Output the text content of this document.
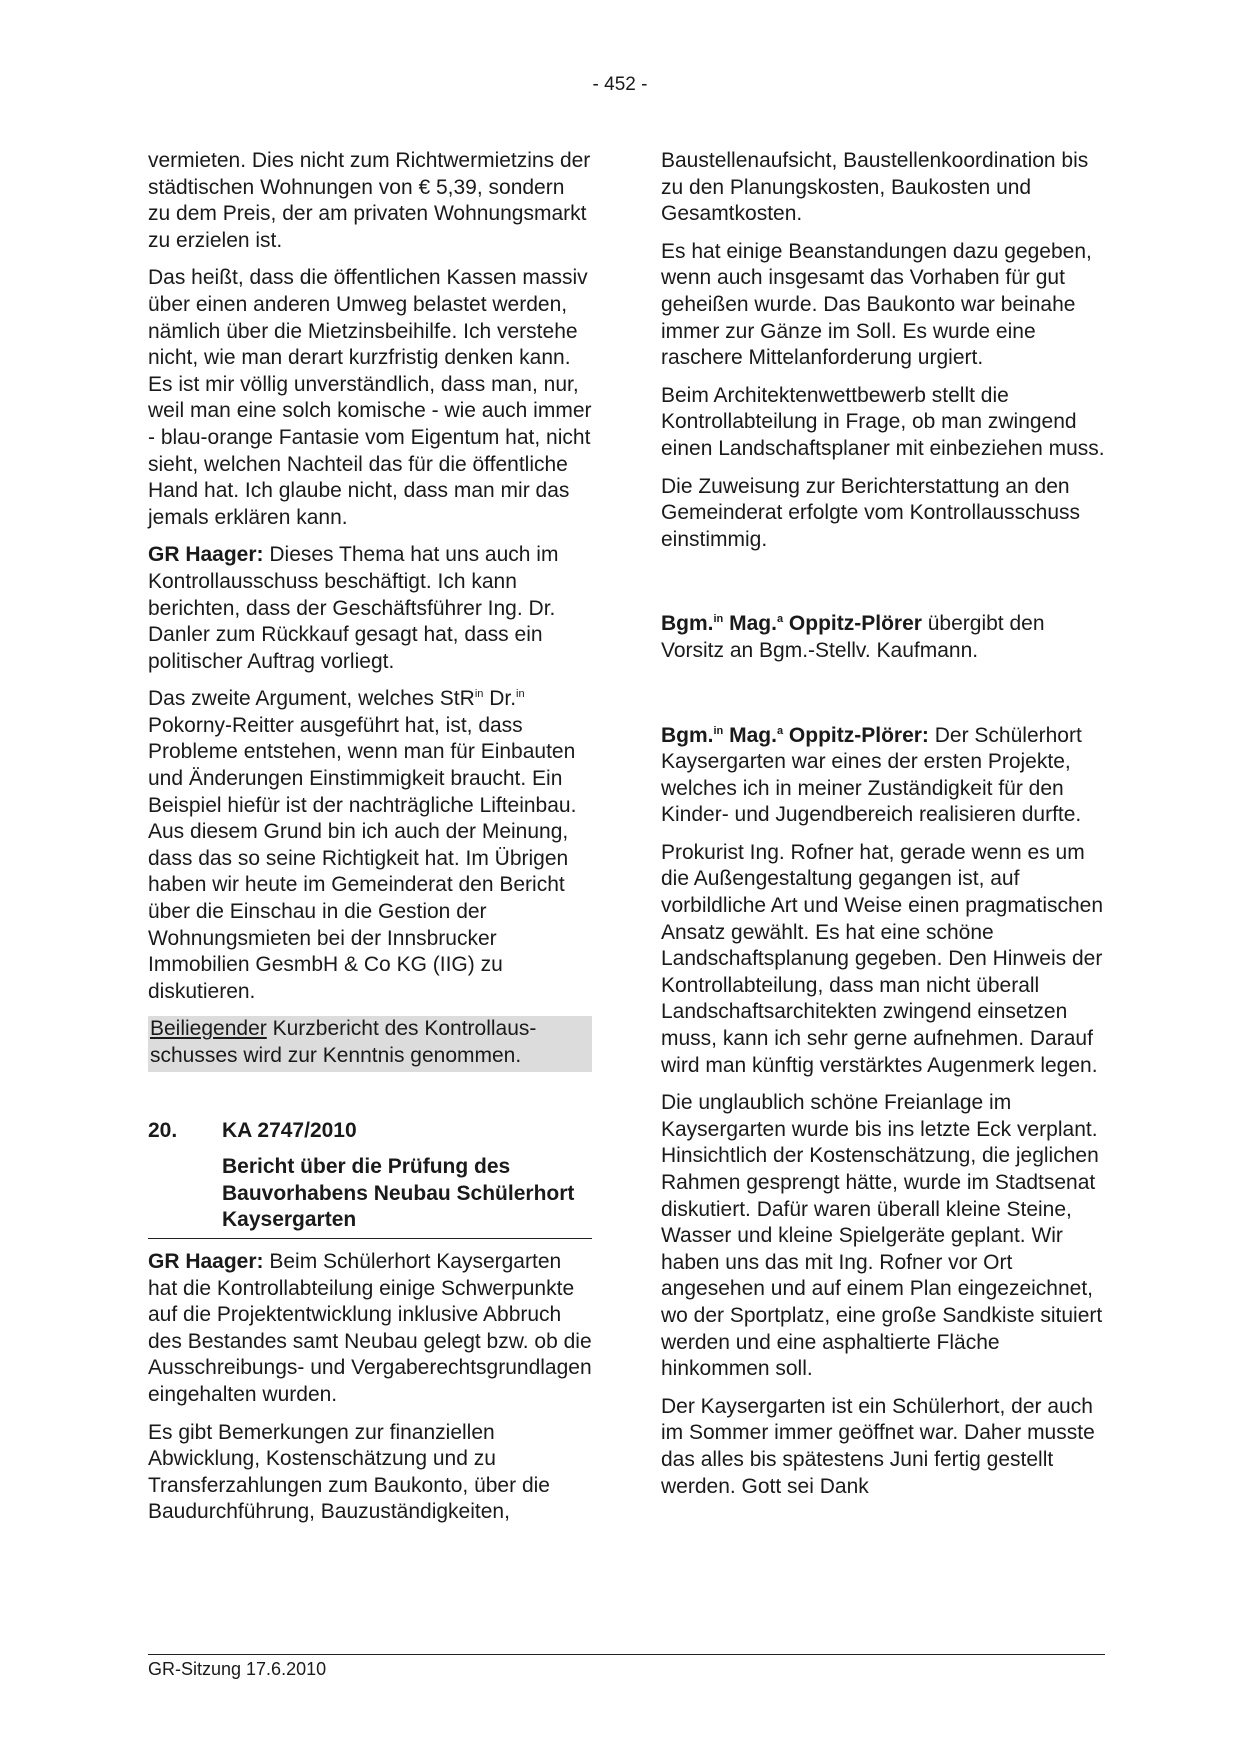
- 452 -

vermieten. Dies nicht zum Richtwermietzins der städtischen Wohnungen von € 5,39, sondern zu dem Preis, der am privaten Wohnungsmarkt zu erzielen ist.

Das heißt, dass die öffentlichen Kassen massiv über einen anderen Umweg belastet werden, nämlich über die Mietzinsbeihilfe. Ich verstehe nicht, wie man derart kurzfristig denken kann. Es ist mir völlig unverständlich, dass man, nur, weil man eine solch komische - wie auch immer - blau-orange Fantasie vom Eigentum hat, nicht sieht, welchen Nachteil das für die öffentliche Hand hat. Ich glaube nicht, dass man mir das jemals erklären kann.

GR Haager: Dieses Thema hat uns auch im Kontrollausschuss beschäftigt. Ich kann berichten, dass der Geschäftsführer Ing. Dr. Danler zum Rückkauf gesagt hat, dass ein politischer Auftrag vorliegt.

Das zweite Argument, welches StR$^{in}$ Dr.$^{in}$ Pokorny-Reitter ausgeführt hat, ist, dass Probleme entstehen, wenn man für Einbauten und Änderungen Einstimmigkeit braucht. Ein Beispiel hiefür ist der nachträgliche Lifteinbau. Aus diesem Grund bin ich auch der Meinung, dass das so seine Richtigkeit hat. Im Übrigen haben wir heute im Gemeinderat den Bericht über die Einschau in die Gestion der Wohnungsmieten bei der Innsbrucker Immobilien GesmbH & Co KG (IIG) zu diskutieren.

Beiliegender Kurzbericht des Kontrollausschusses wird zur Kenntnis genommen.

20.	KA 2747/2010
Bericht über die Prüfung des Bauvorhabens Neubau Schülerhort Kaysergarten

GR Haager: Beim Schülerhort Kaysergarten hat die Kontrollabteilung einige Schwerpunkte auf die Projektentwicklung inklusive Abbruch des Bestandes samt Neubau gelegt bzw. ob die Ausschreibungs- und Vergaberechtsgrundlagen eingehalten wurden.

Es gibt Bemerkungen zur finanziellen Abwicklung, Kostenschätzung und zu Transferzahlungen zum Baukonto, über die Baudurchführung, Bauzuständigkeiten,

Baustellenaufsicht, Baustellenkoordination bis zu den Planungskosten, Baukosten und Gesamtkosten.

Es hat einige Beanstandungen dazu gegeben, wenn auch insgesamt das Vorhaben für gut geheißen wurde. Das Baukonto war beinahe immer zur Gänze im Soll. Es wurde eine raschere Mittelanforderung urgiert.

Beim Architektenwettbewerb stellt die Kontrollabteilung in Frage, ob man zwingend einen Landschaftsplaner mit einbeziehen muss.

Die Zuweisung zur Berichterstattung an den Gemeinderat erfolgte vom Kontrollausschuss einstimmig.

Bgm.$^{in}$ Mag.$^a$ Oppitz-Plörer übergibt den Vorsitz an Bgm.-Stellv. Kaufmann.

Bgm.$^{in}$ Mag.$^a$ Oppitz-Plörer: Der Schülerhort Kaysergarten war eines der ersten Projekte, welches ich in meiner Zuständigkeit für den Kinder- und Jugendbereich realisieren durfte.

Prokurist Ing. Rofner hat, gerade wenn es um die Außengestaltung gegangen ist, auf vorbildliche Art und Weise einen pragmatischen Ansatz gewählt. Es hat eine schöne Landschaftsplanung gegeben. Den Hinweis der Kontrollabteilung, dass man nicht überall Landschaftsarchitekten zwingend einsetzen muss, kann ich sehr gerne aufnehmen. Darauf wird man künftig verstärktes Augenmerk legen.

Die unglaublich schöne Freianlage im Kaysergarten wurde bis ins letzte Eck verplant. Hinsichtlich der Kostenschätzung, die jeglichen Rahmen gesprengt hätte, wurde im Stadtsenat diskutiert. Dafür waren überall kleine Steine, Wasser und kleine Spielgeräte geplant. Wir haben uns das mit Ing. Rofner vor Ort angesehen und auf einem Plan eingezeichnet, wo der Sportplatz, eine große Sandkiste situiert werden und eine asphaltierte Fläche hinkommen soll.

Der Kaysergarten ist ein Schülerhort, der auch im Sommer immer geöffnet war. Daher musste das alles bis spätestens Juni fertig gestellt werden. Gott sei Dank

GR-Sitzung 17.6.2010
